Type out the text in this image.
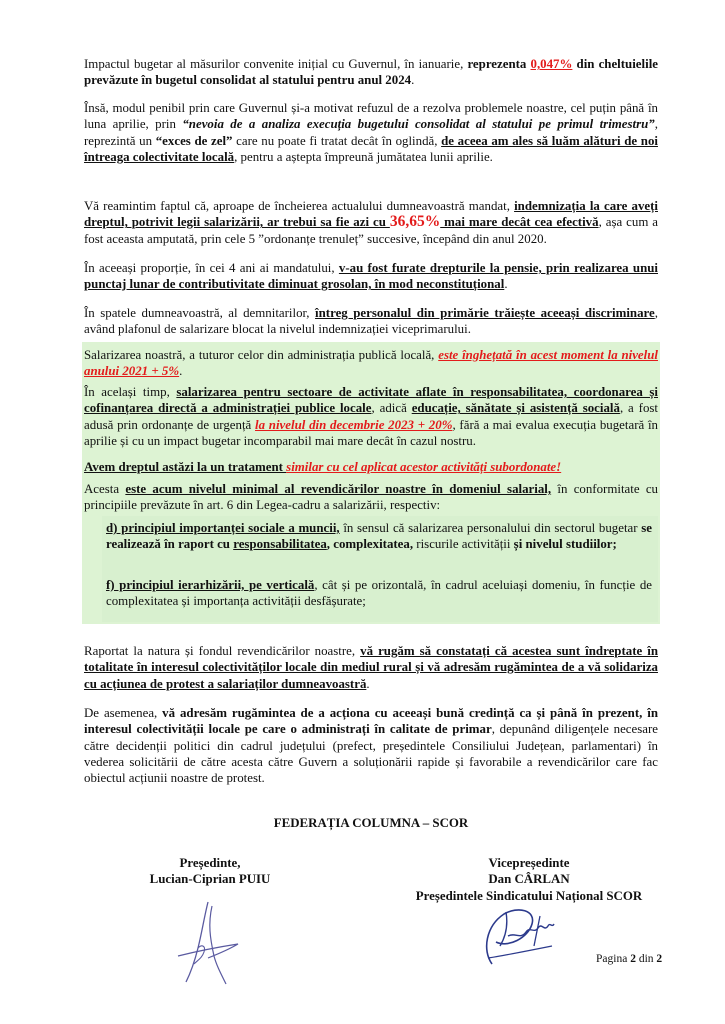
Impactul bugetar al măsurilor convenite inițial cu Guvernul, în ianuarie, reprezenta 0,047% din cheltuielile prevăzute în bugetul consolidat al statului pentru anul 2024.
Însă, modul penibil prin care Guvernul și-a motivat refuzul de a rezolva problemele noastre, cel puțin până în luna aprilie, prin “nevoia de a analiza execuția bugetului consolidat al statului pe primul trimestru”, reprezintă un “exces de zel” care nu poate fi tratat decât în oglindă, de aceea am ales să luăm alături de noi întreaga colectivitate locală, pentru a aștepta împreună jumătatea lunii aprilie.
Vă reamintim faptul că, aproape de încheierea actualului dumneavoastră mandat, indemnizația la care aveți dreptul, potrivit legii salarizării, ar trebui sa fie azi cu 36,65% mai mare decât cea efectivă, așa cum a fost aceasta amputată, prin cele 5 ”ordonanțe trenuleț” succesive, începând din anul 2020.
În aceeași proporție, în cei 4 ani ai mandatului, v-au fost furate drepturile la pensie, prin realizarea unui punctaj lunar de contributivitate diminuat grosolan, în mod neconstituțional.
În spatele dumneavoastră, al demnitarilor, întreg personalul din primărie trăiește aceeași discriminare, având plafonul de salarizare blocat la nivelul indemnizației viceprimarului.
Salarizarea noastră, a tuturor celor din administrația publică locală, este înghețată în acest moment la nivelul anului 2021 + 5%.
În același timp, salarizarea pentru sectoare de activitate aflate în responsabilitatea, coordonarea și cofinanțarea directă a administrației publice locale, adică educație, sănătate și asistență socială, a fost adusă prin ordonanțe de urgență la nivelul din decembrie 2023 + 20%, fără a mai evalua execuția bugetară în aprilie și cu un impact bugetar incomparabil mai mare decât în cazul nostru.
Avem dreptul astăzi la un tratament similar cu cel aplicat acestor activități subordonate!
Acesta este acum nivelul minimal al revendicărilor noastre în domeniul salarial, în conformitate cu principiile prevăzute în art. 6 din Legea-cadru a salarizării, respectiv:
d) principiul importanței sociale a muncii, în sensul că salarizarea personalului din sectorul bugetar se realizează în raport cu responsabilitatea, complexitatea, riscurile activității și nivelul studiilor;
f) principiul ierarhizării, pe verticală, cât și pe orizontală, în cadrul aceluiași domeniu, în funcție de complexitatea și importanța activității desfășurate;
Raportat la natura și fondul revendicărilor noastre, vă rugăm să constatați că acestea sunt îndreptate în totalitate în interesul colectivităților locale din mediul rural și vă adresăm rugămintea de a vă solidariza cu acțiunea de protest a salariaților dumneavoastră.
De asemenea, vă adresăm rugămintea de a acționa cu aceeași bună credință ca și până în prezent, în interesul colectivității locale pe care o administrați în calitate de primar, depunând diligențele necesare către decidenții politici din cadrul județului (prefect, președintele Consiliului Județean, parlamentari) în vederea solicitării de către acesta către Guvern a soluționării rapide și favorabile a revendicărilor care fac obiectul acțiunii noastre de protest.
FEDERAȚIA COLUMNA – SCOR
Președinte,
Lucian-Ciprian PUIU
Vicepreședinte
Dan CÂRLAN
Președintele Sindicatului Național SCOR
Pagina 2 din 2
